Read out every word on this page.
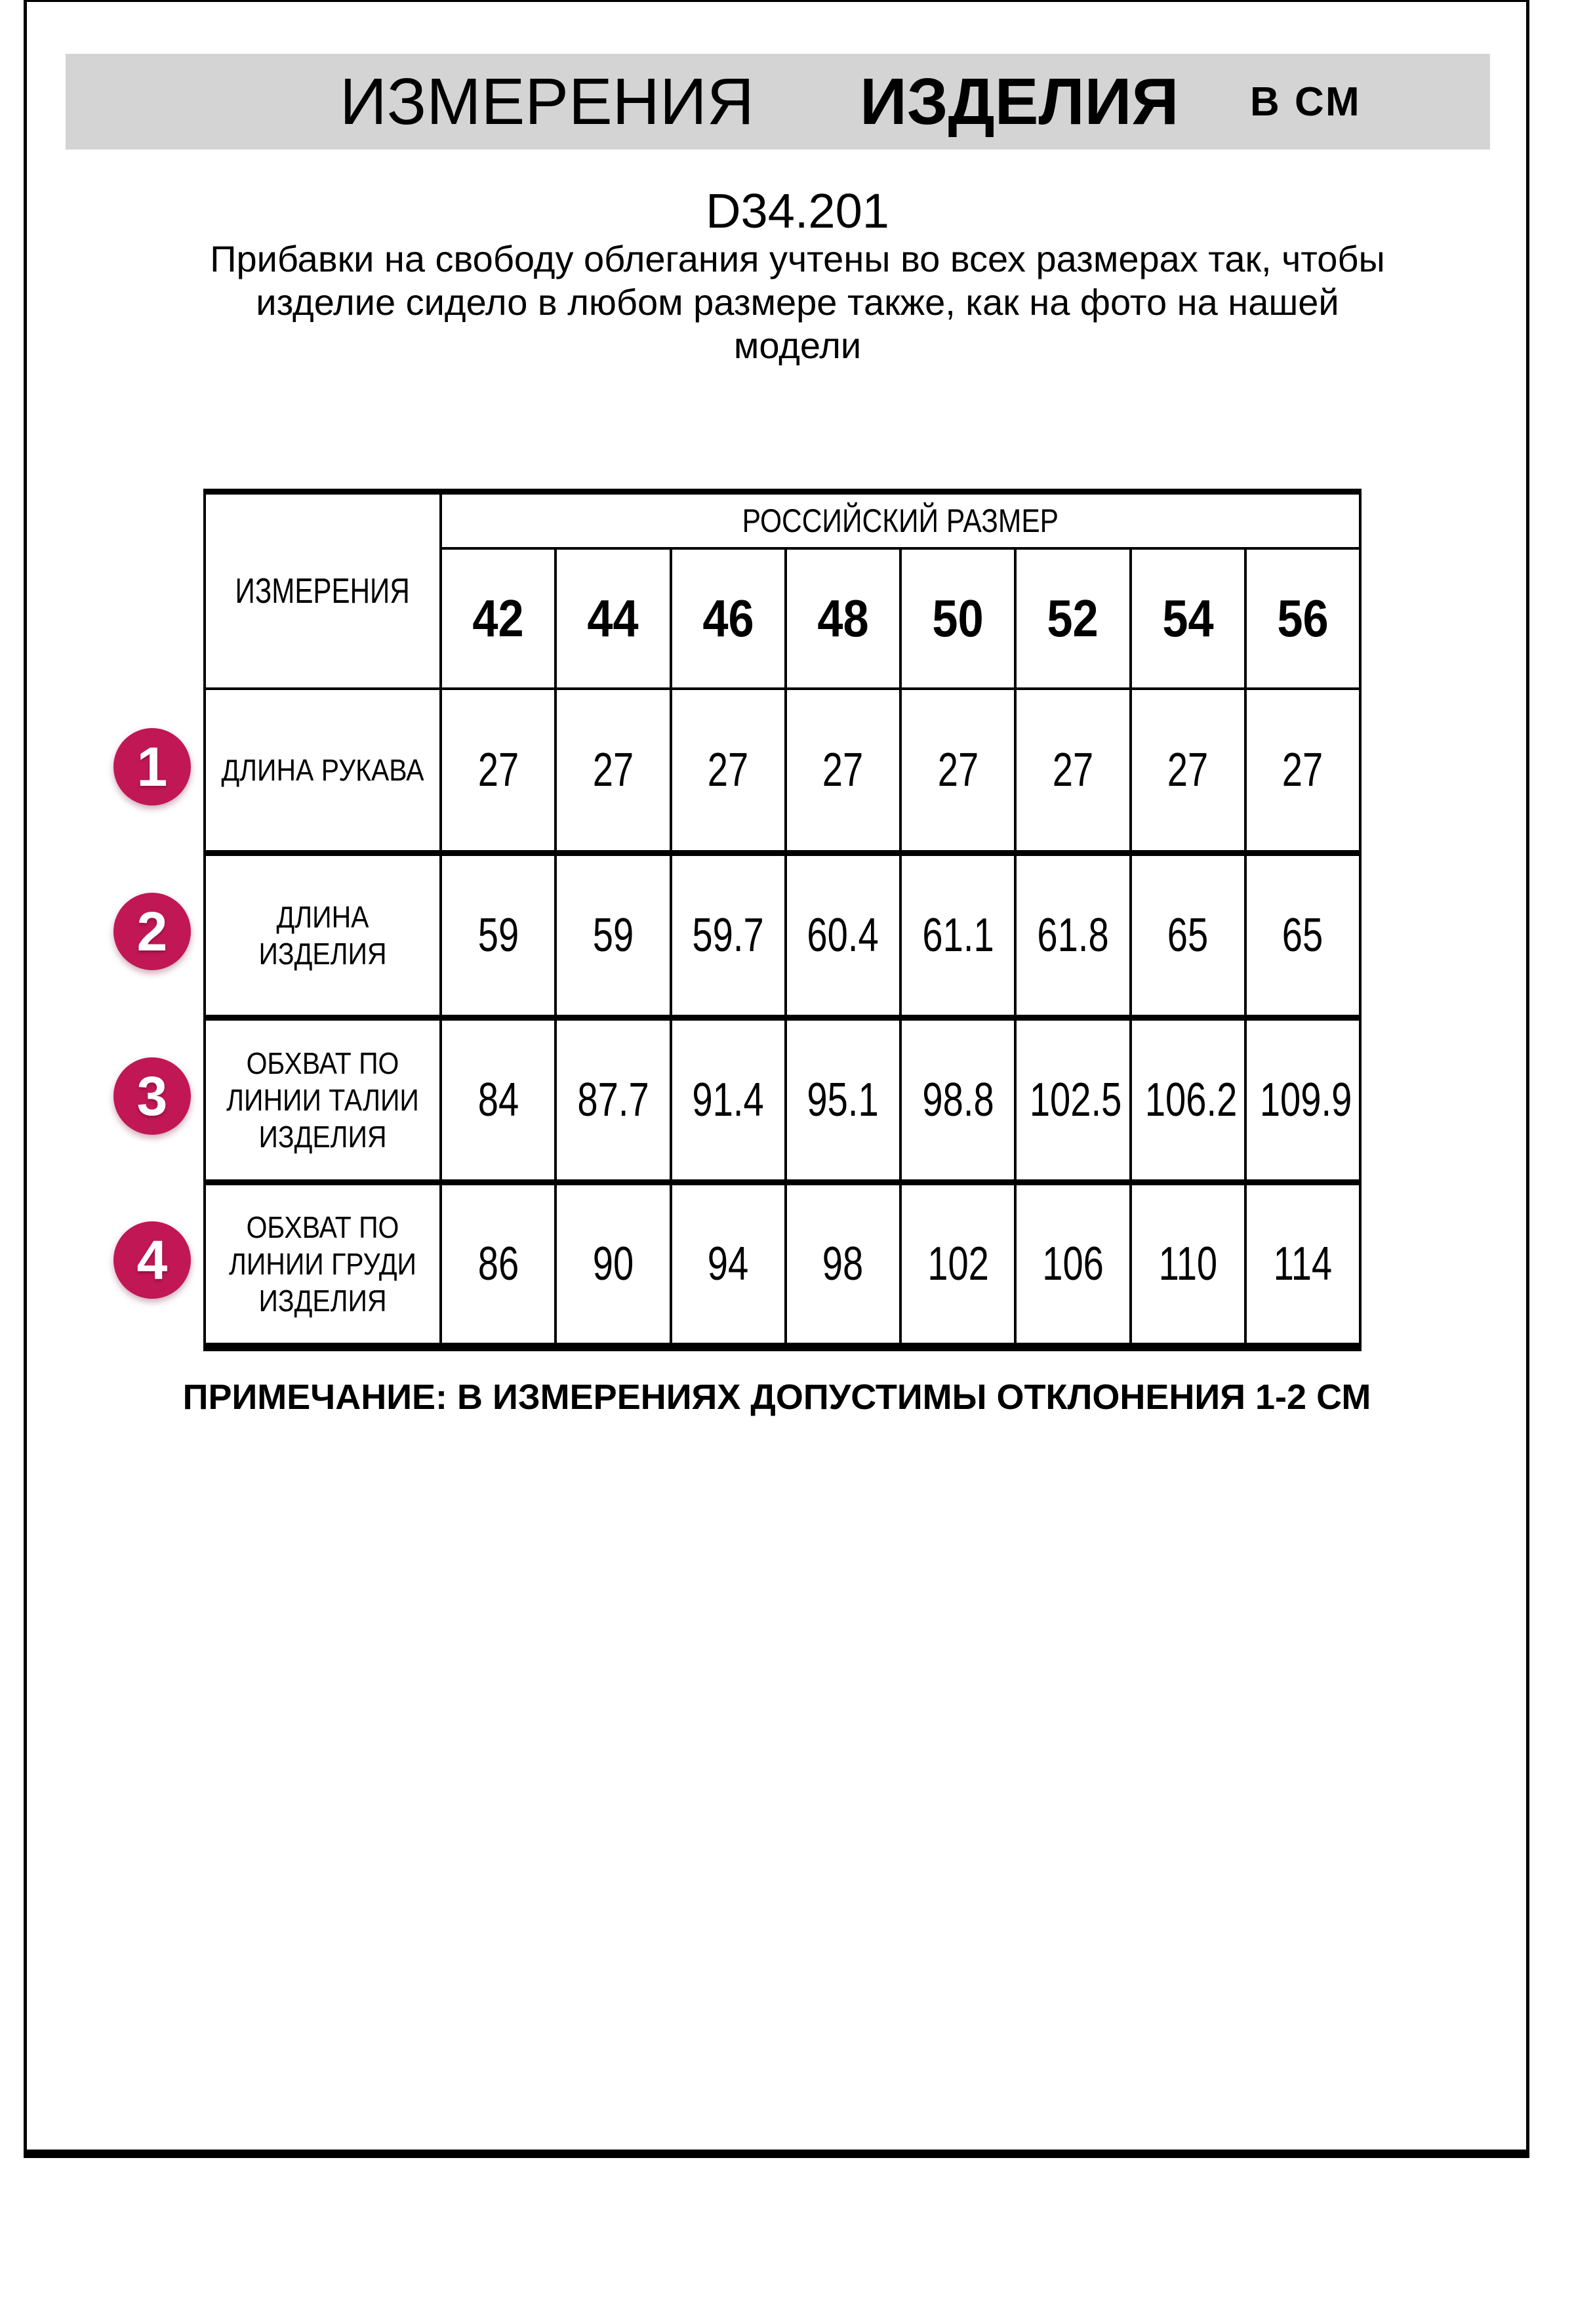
ИЗМЕРЕНИЯ ИЗДЕЛИЯ В СМ
D34.201
Прибавки на свободу облегания учтены во всех размерах так, чтобы
изделие сидело в любом размере также, как на фото на нашей
модели
ИЗМЕРЕНИЯ	РОССИЙСКИЙ РАЗМЕР							
	42	44	46	48	50	52	54	56

ДЛИНА РУКАВА	27	27	27	27	27	27	27	27

ДЛИНА
ИЗДЕЛИЯ	59	59	59.7	60.4	61.1	61.8	65	65

ОБХВАТ ПО
ЛИНИИ ТАЛИИ
ИЗДЕЛИЯ	84	87.7	91.4	95.1	98.8	102.5	106.2	109.9

ОБХВАТ ПО
ЛИНИИ ГРУДИ
ИЗДЕЛИЯ	86	90	94	98	102	106	110	114
1
2
3
4
ПРИМЕЧАНИЕ: В ИЗМЕРЕНИЯХ ДОПУСТИМЫ ОТКЛОНЕНИЯ 1-2 СМ
